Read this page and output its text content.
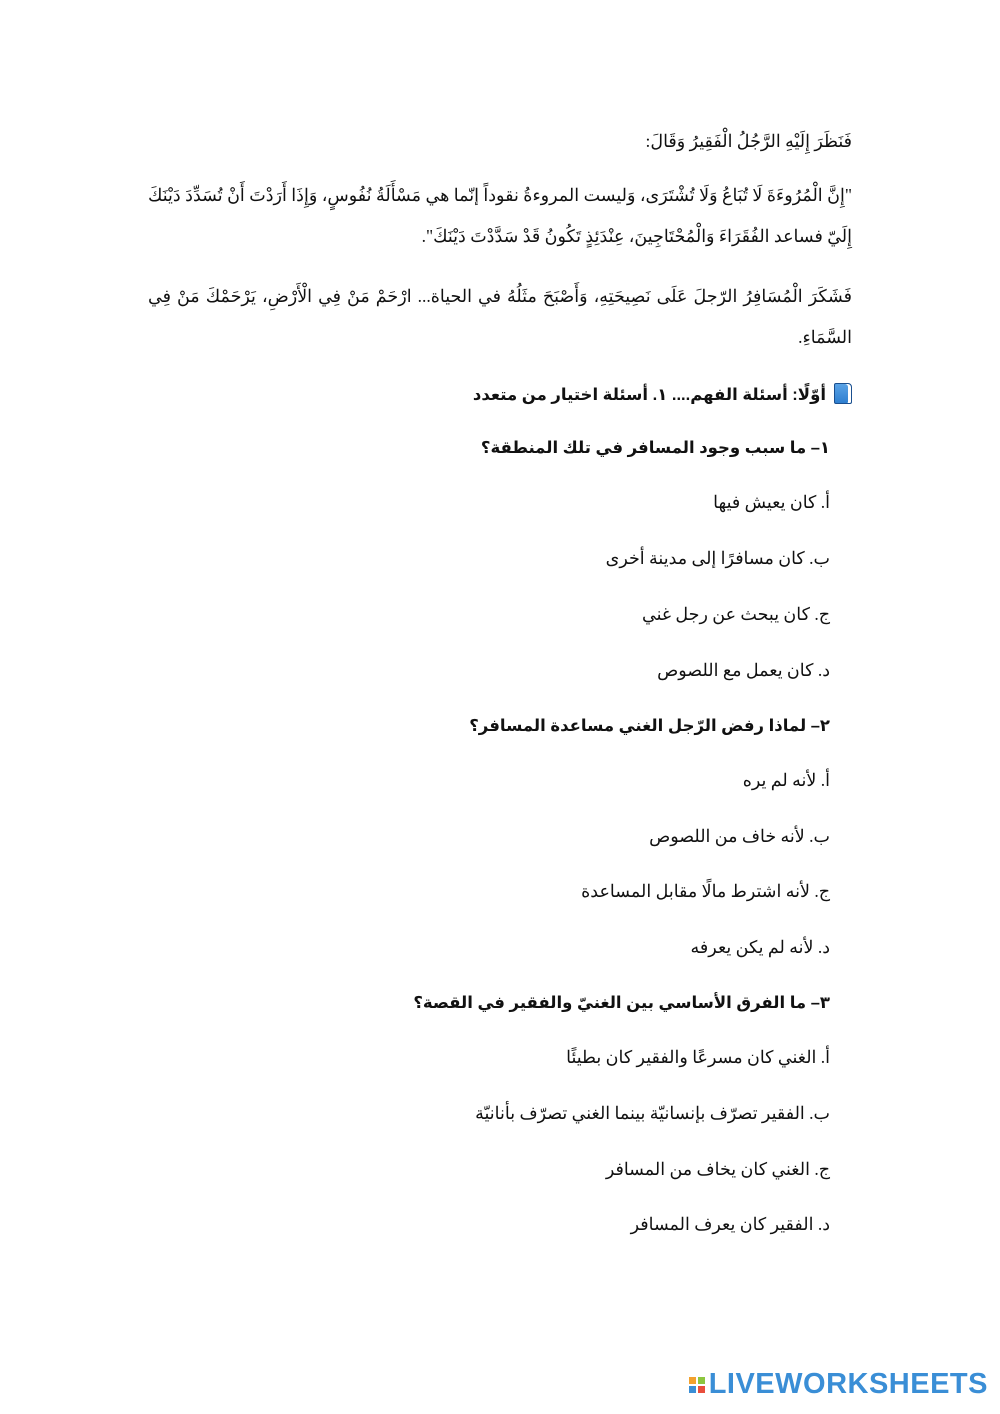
فَنَظَرَ إِلَيْهِ الرَّجُلُ الْفَقِيرُ وَقَالَ:

"إِنَّ الْمُرُوءَةَ لَا تُبَاعُ وَلَا تُشْتَرَى، وَليست المروءةُ نقوداً إنّما هي مَسْأَلَةُ نُفُوسٍ، وَإِذَا أَرَدْتَ أَنْ تُسَدِّدَ دَيْنَكَ إِلَيّ فساعد الفُقَرَاءَ وَالْمُحْتَاجِينَ، عِنْدَئِذٍ تَكُونُ قَدْ سَدَّدْتَ دَيْنَكَ".

فَشَكَرَ الْمُسَافِرُ الرّجلَ عَلَى نَصِيحَتِهِ، وَأَصْبَحَ مثَلُهُ في الحياة... ارْحَمْ مَنْ فِي الْأَرْضِ، يَرْحَمْكَ مَنْ فِي السَّمَاءِ.

أوّلًا: أسئلة الفهم.... ١. أسئلة اختيار من متعدد
١– ما سبب وجود المسافر في تلك المنطقة؟
أ. كان يعيش فيها
ب. كان مسافرًا إلى مدينة أخرى
ج. كان يبحث عن رجل غني
د. كان يعمل مع اللصوص
٢– لماذا رفض الرّجل الغني مساعدة المسافر؟
أ. لأنه لم يره
ب. لأنه خاف من اللصوص
ج. لأنه اشترط مالًا مقابل المساعدة
د. لأنه لم يكن يعرفه
٣– ما الفرق الأساسي بين الغنيّ والفقير في القصة؟
أ. الغني كان مسرعًا والفقير كان بطيئًا
ب. الفقير تصرّف بإنسانيّة بينما الغني تصرّف بأنانيّة
ج. الغني كان يخاف من المسافر
د. الفقير كان يعرف المسافر
LIVEWORKSHEETS
